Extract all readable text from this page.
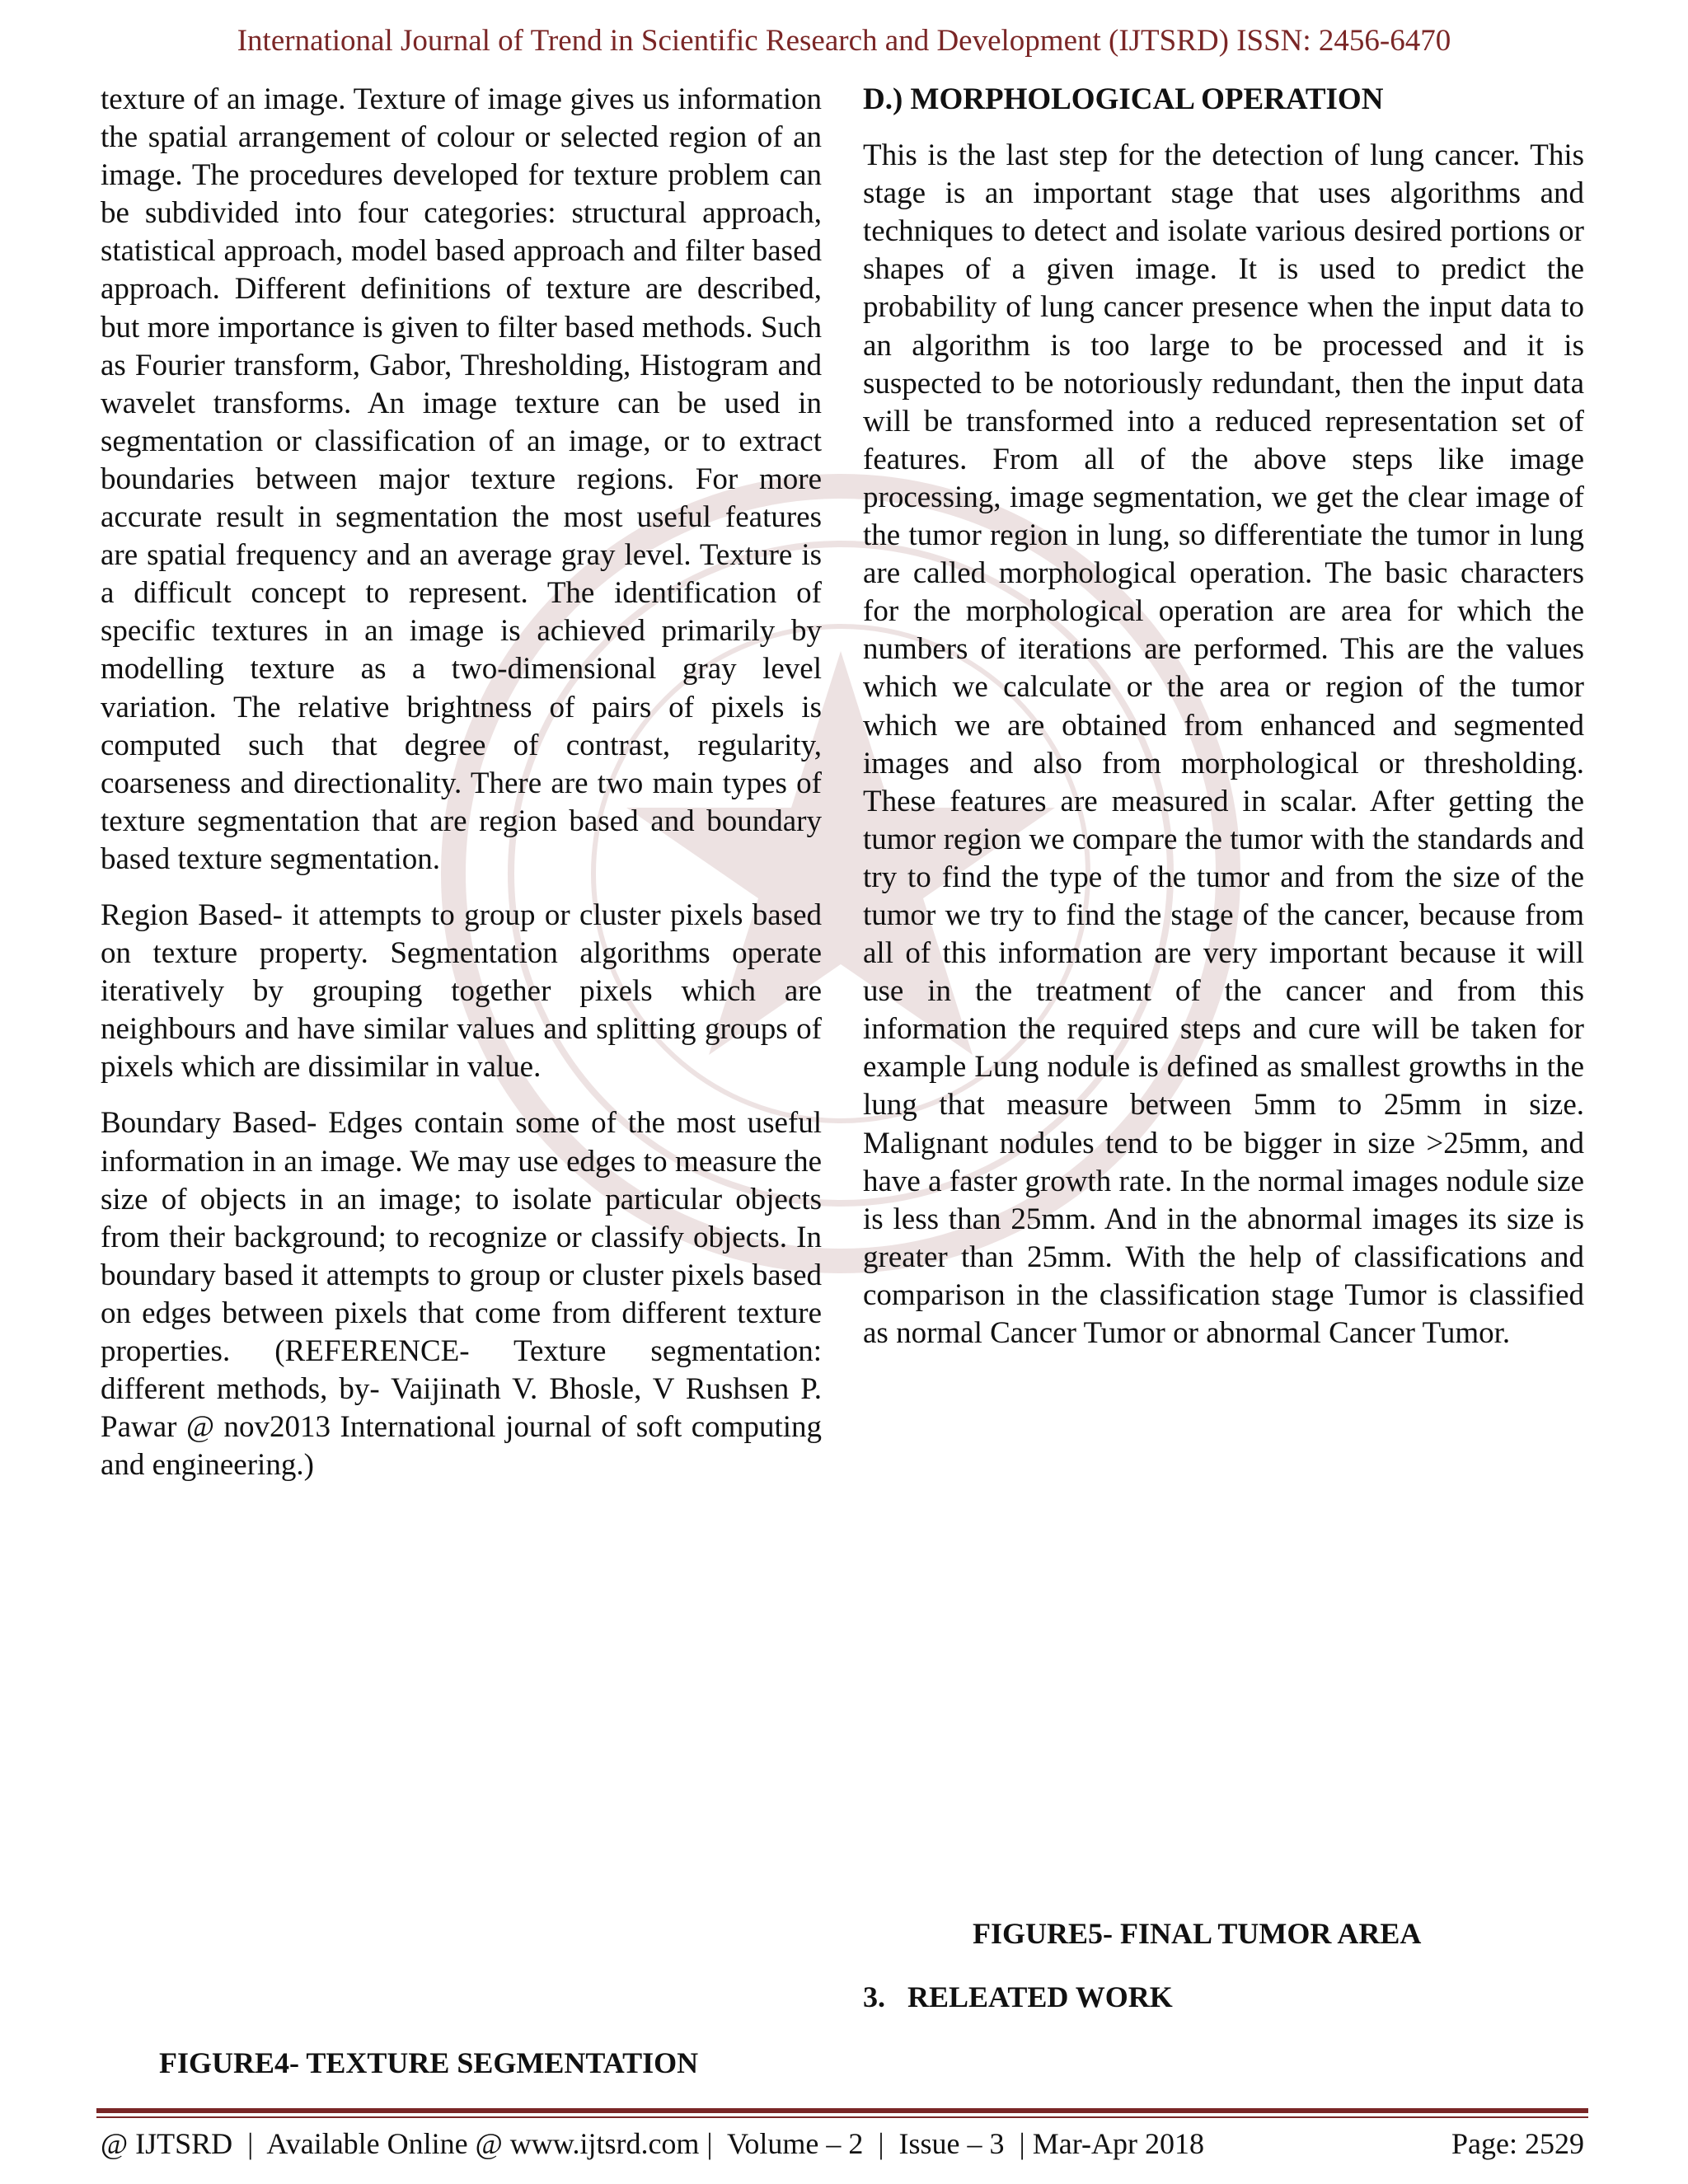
International Journal of Trend in Scientific Research and Development (IJTSRD) ISSN: 2456-6470

texture of an image. Texture of image gives us information the spatial arrangement of colour or selected region of an image. The procedures developed for texture problem can be subdivided into four categories: structural approach, statistical approach, model based approach and filter based approach. Different definitions of texture are described, but more importance is given to filter based methods. Such as Fourier transform, Gabor, Thresholding, Histogram and wavelet transforms. An image texture can be used in segmentation or classification of an image, or to extract boundaries between major texture regions. For more accurate result in segmentation the most useful features are spatial frequency and an average gray level. Texture is a difficult concept to represent. The identification of specific textures in an image is achieved primarily by modelling texture as a two-dimensional gray level variation. The relative brightness of pairs of pixels is computed such that degree of contrast, regularity, coarseness and directionality. There are two main types of texture segmentation that are region based and boundary based texture segmentation.

Region Based- it attempts to group or cluster pixels based on texture property. Segmentation algorithms operate iteratively by grouping together pixels which are neighbours and have similar values and splitting groups of pixels which are dissimilar in value.

Boundary Based- Edges contain some of the most useful information in an image. We may use edges to measure the size of objects in an image; to isolate particular objects from their background; to recognize or classify objects. In boundary based it attempts to group or cluster pixels based on edges between pixels that come from different texture properties. (REFERENCE- Texture segmentation: different methods, by- Vaijinath V. Bhosle, V Rushsen P. Pawar @ nov2013 International journal of soft computing and engineering.)

D.) MORPHOLOGICAL OPERATION

This is the last step for the detection of lung cancer. This stage is an important stage that uses algorithms and techniques to detect and isolate various desired portions or shapes of a given image. It is used to predict the probability of lung cancer presence when the input data to an algorithm is too large to be processed and it is suspected to be notoriously redundant, then the input data will be transformed into a reduced representation set of features. From all of the above steps like image processing, image segmentation, we get the clear image of the tumor region in lung, so differentiate the tumor in lung are called morphological operation. The basic characters for the morphological operation are area for which the numbers of iterations are performed. This are the values which we calculate or the area or region of the tumor which we are obtained from enhanced and segmented images and also from morphological or thresholding. These features are measured in scalar. After getting the tumor region we compare the tumor with the standards and try to find the type of the tumor and from the size of the tumor we try to find the stage of the cancer, because from all of this information are very important because it will use in the treatment of the cancer and from this information the required steps and cure will be taken for example Lung nodule is defined as smallest growths in the lung that measure between 5mm to 25mm in size. Malignant nodules tend to be bigger in size >25mm, and have a faster growth rate. In the normal images nodule size is less than 25mm. And in the abnormal images its size is greater than 25mm. With the help of classifications and comparison in the classification stage Tumor is classified as normal Cancer Tumor or abnormal Cancer Tumor.

FIGURE5- FINAL TUMOR AREA
3.   RELEATED WORK
FIGURE4- TEXTURE SEGMENTATION
@ IJTSRD  |  Available Online @ www.ijtsrd.com |  Volume – 2  |  Issue – 3  | Mar-Apr 2018	Page: 2529
